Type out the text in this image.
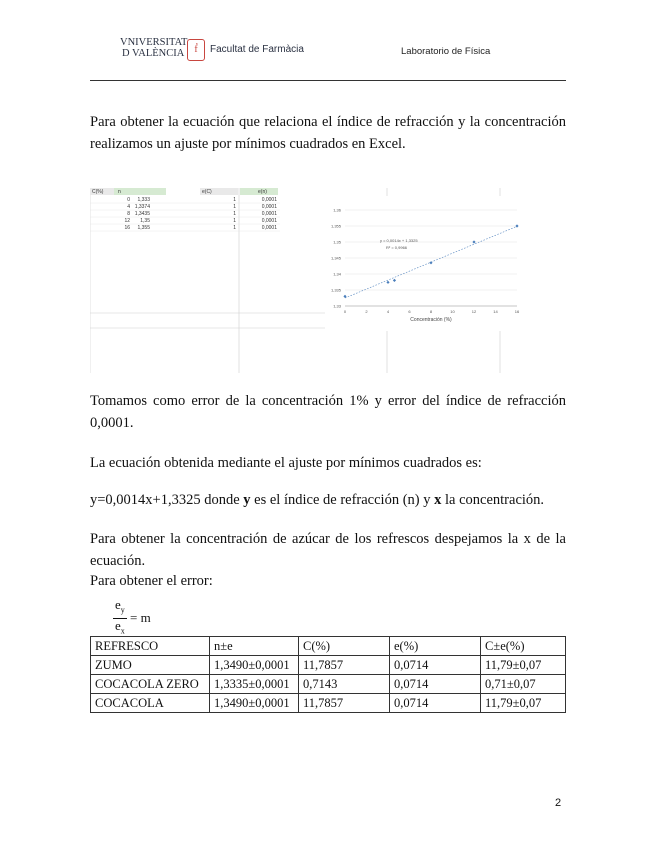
VNIVERSITAT
D VALÈNCIA	ḟ	Facultat de Farmàcia	Laboratorio de Física
Para obtener la ecuación que relaciona el índice de refracción y la concentración realizamos un ajuste por mínimos cuadrados en Excel.
C(%)	n	e(C)	e(n)
0 1,333	1	0,0001
4 1,3374	1	0,0001
8 1,3435	1	0,0001
12 1,35	1	0,0001
16 1,355	1	0,0001
1,36
1,355
1,35
1,345
1,34
1,335
1,33
0	2	4	6	8	10	12	14	16
y = 0,0014x + 1,3325
R² = 0,9966
Concentración (%)
Tomamos como error de la concentración 1% y error del índice de refracción 0,0001.
La ecuación obtenida mediante el ajuste por mínimos cuadrados es:
y=0,0014x+1,3325 donde y es el índice de refracción (n) y x la concentración.
Para obtener la concentración de azúcar de los refrescos despejamos la x de la ecuación.
Para obtener el error:
$\frac{e_y}{e_x} = m$
REFRESCO	n±e	C(%)	e(%)	C±e(%)
ZUMO	1,3490±0,0001	11,7857	0,0714	11,79±0,07
COCACOLA ZERO	1,3335±0,0001	0,7143	0,0714	0,71±0,07
COCACOLA	1,3490±0,0001	11,7857	0,0714	11,79±0,07
2
